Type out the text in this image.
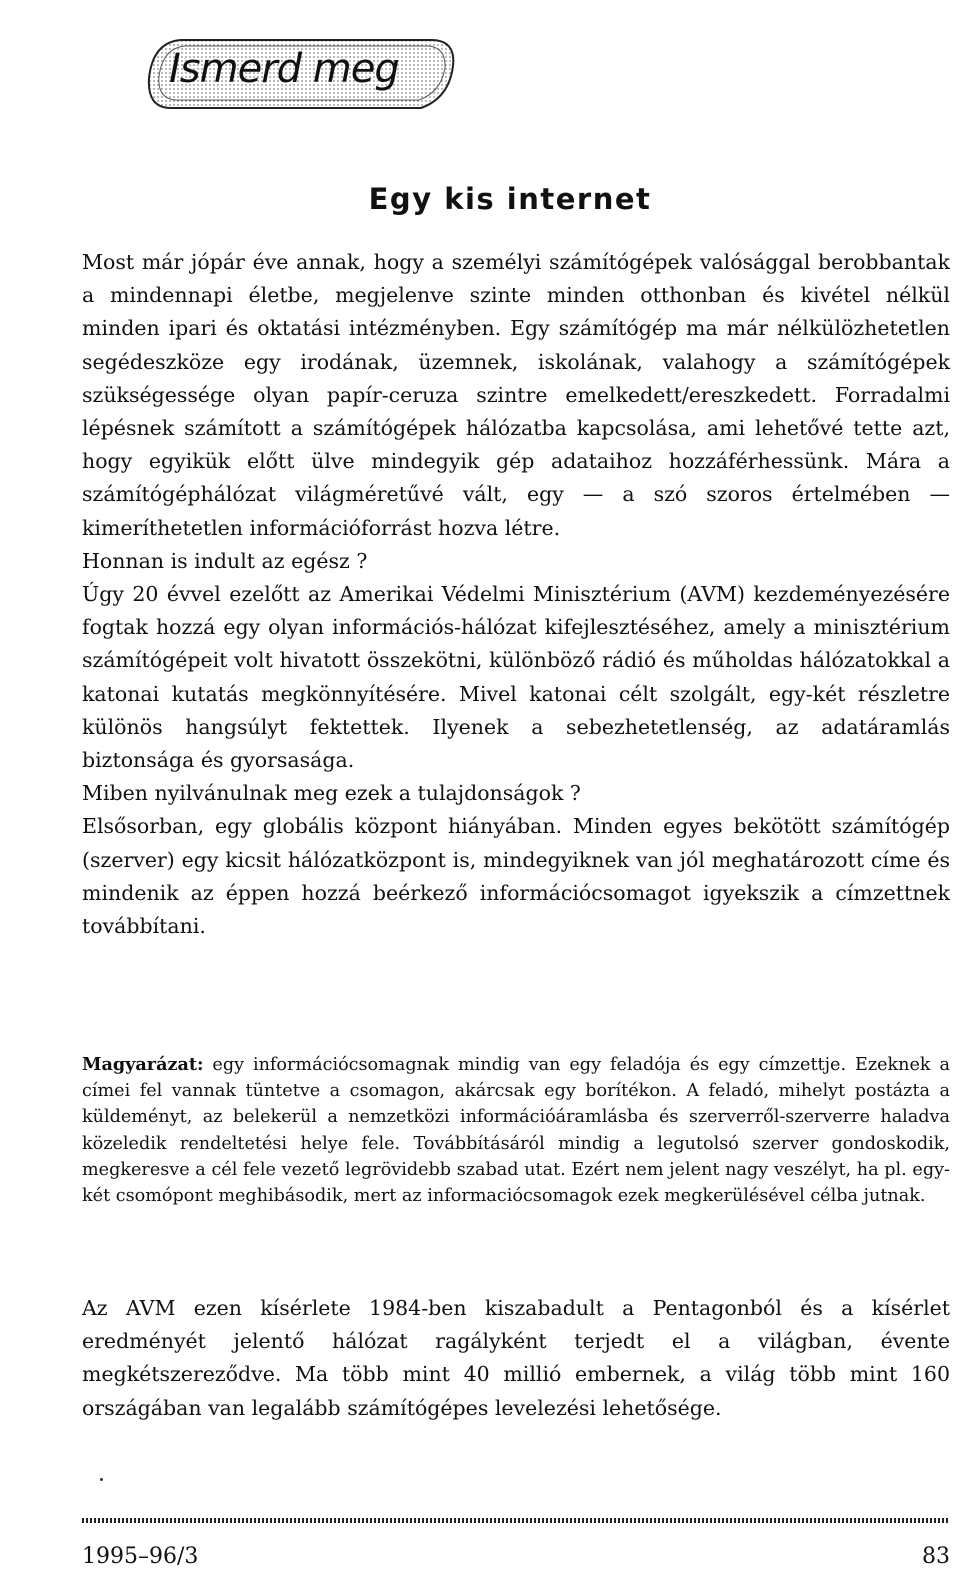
Ismerd meg
Egy kis internet

Most már jópár éve annak, hogy a személyi számítógépek valósággal berobbantak a mindennapi életbe, megjelenve szinte minden otthonban és kivétel nélkül minden ipari és oktatási intézményben. Egy számítógép ma már nélkülözhetetlen segédeszköze egy irodának, üzemnek, iskolának, valahogy a számítógépek szükségessége olyan papír-ceruza szintre emelkedett/ereszkedett. Forradalmi lépésnek számított a számítógépek hálózatba kapcsolása, ami lehetővé tette azt, hogy egyikük előtt ülve mindegyik gép adataihoz hozzáférhessünk. Mára a számítógéphálózat világméretűvé vált, egy — a szó szoros értelmében — kimeríthetetlen információforrást hozva létre.

Honnan is indult az egész ?

Úgy 20 évvel ezelőtt az Amerikai Védelmi Minisztérium (AVM) kezdeményezésére fogtak hozzá egy olyan információs-hálózat kifejlesztéséhez, amely a minisztérium számítógépeit volt hivatott összekötni, különböző rádió és műholdas hálózatokkal a katonai kutatás megkönnyítésére. Mivel katonai célt szolgált, egy-két részletre különös hangsúlyt fektettek. Ilyenek a sebezhetetlenség, az adatáramlás biztonsága és gyorsasága.

Miben nyilvánulnak meg ezek a tulajdonságok ?

Elsősorban, egy globális központ hiányában. Minden egyes bekötött számítógép (szerver) egy kicsit hálózatközpont is, mindegyiknek van jól meghatározott címe és mindenik az éppen hozzá beérkező információcsomagot igyekszik a címzettnek továbbítani.

Magyarázat: egy információcsomagnak mindig van egy feladója és egy címzettje. Ezeknek a címei fel vannak tüntetve a csomagon, akárcsak egy borítékon. A feladó, mihelyt postázta a küldeményt, az belekerül a nemzetközi információáramlásba és szerverről-szerverre haladva közeledik rendeltetési helye fele. Továbbításáról mindig a legutolsó szerver gondoskodik, megkeresve a cél fele vezető legrövidebb szabad utat. Ezért nem jelent nagy veszélyt, ha pl. egy-két csomópont meghibásodik, mert az informaciócsomagok ezek megkerülésével célba jutnak.

Az AVM ezen kísérlete 1984-ben kiszabadult a Pentagonból és a kísérlet eredményét jelentő hálózat ragályként terjedt el a világban, évente megkétszereződve. Ma több mint 40 millió embernek, a világ több mint 160 országában van legalább számítógépes levelezési lehetősége.

1995–96/3	83
